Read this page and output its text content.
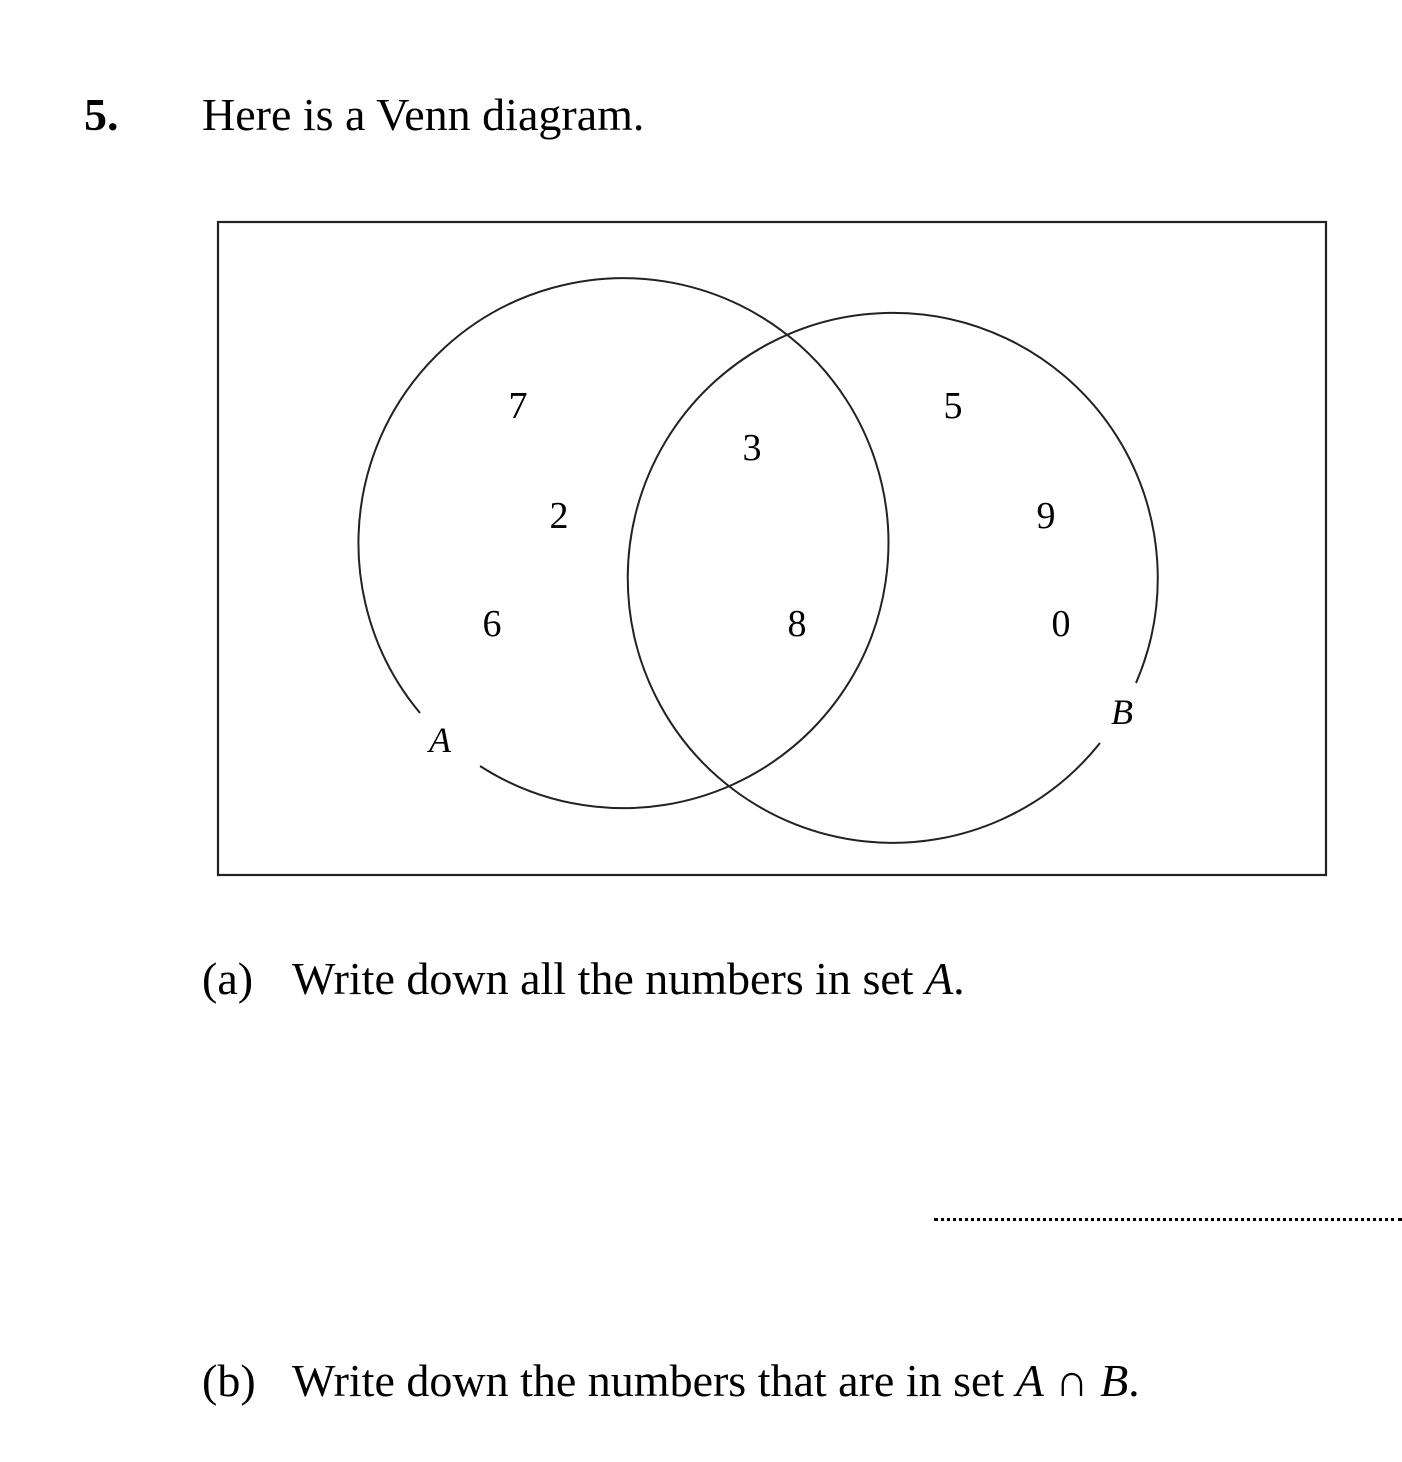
5. Here is a Venn diagram.
A
B
7
2
6
3
8
5
9
0
(a) Write down all the numbers in set A.
(b) Write down the numbers that are in set A ∩ B.
